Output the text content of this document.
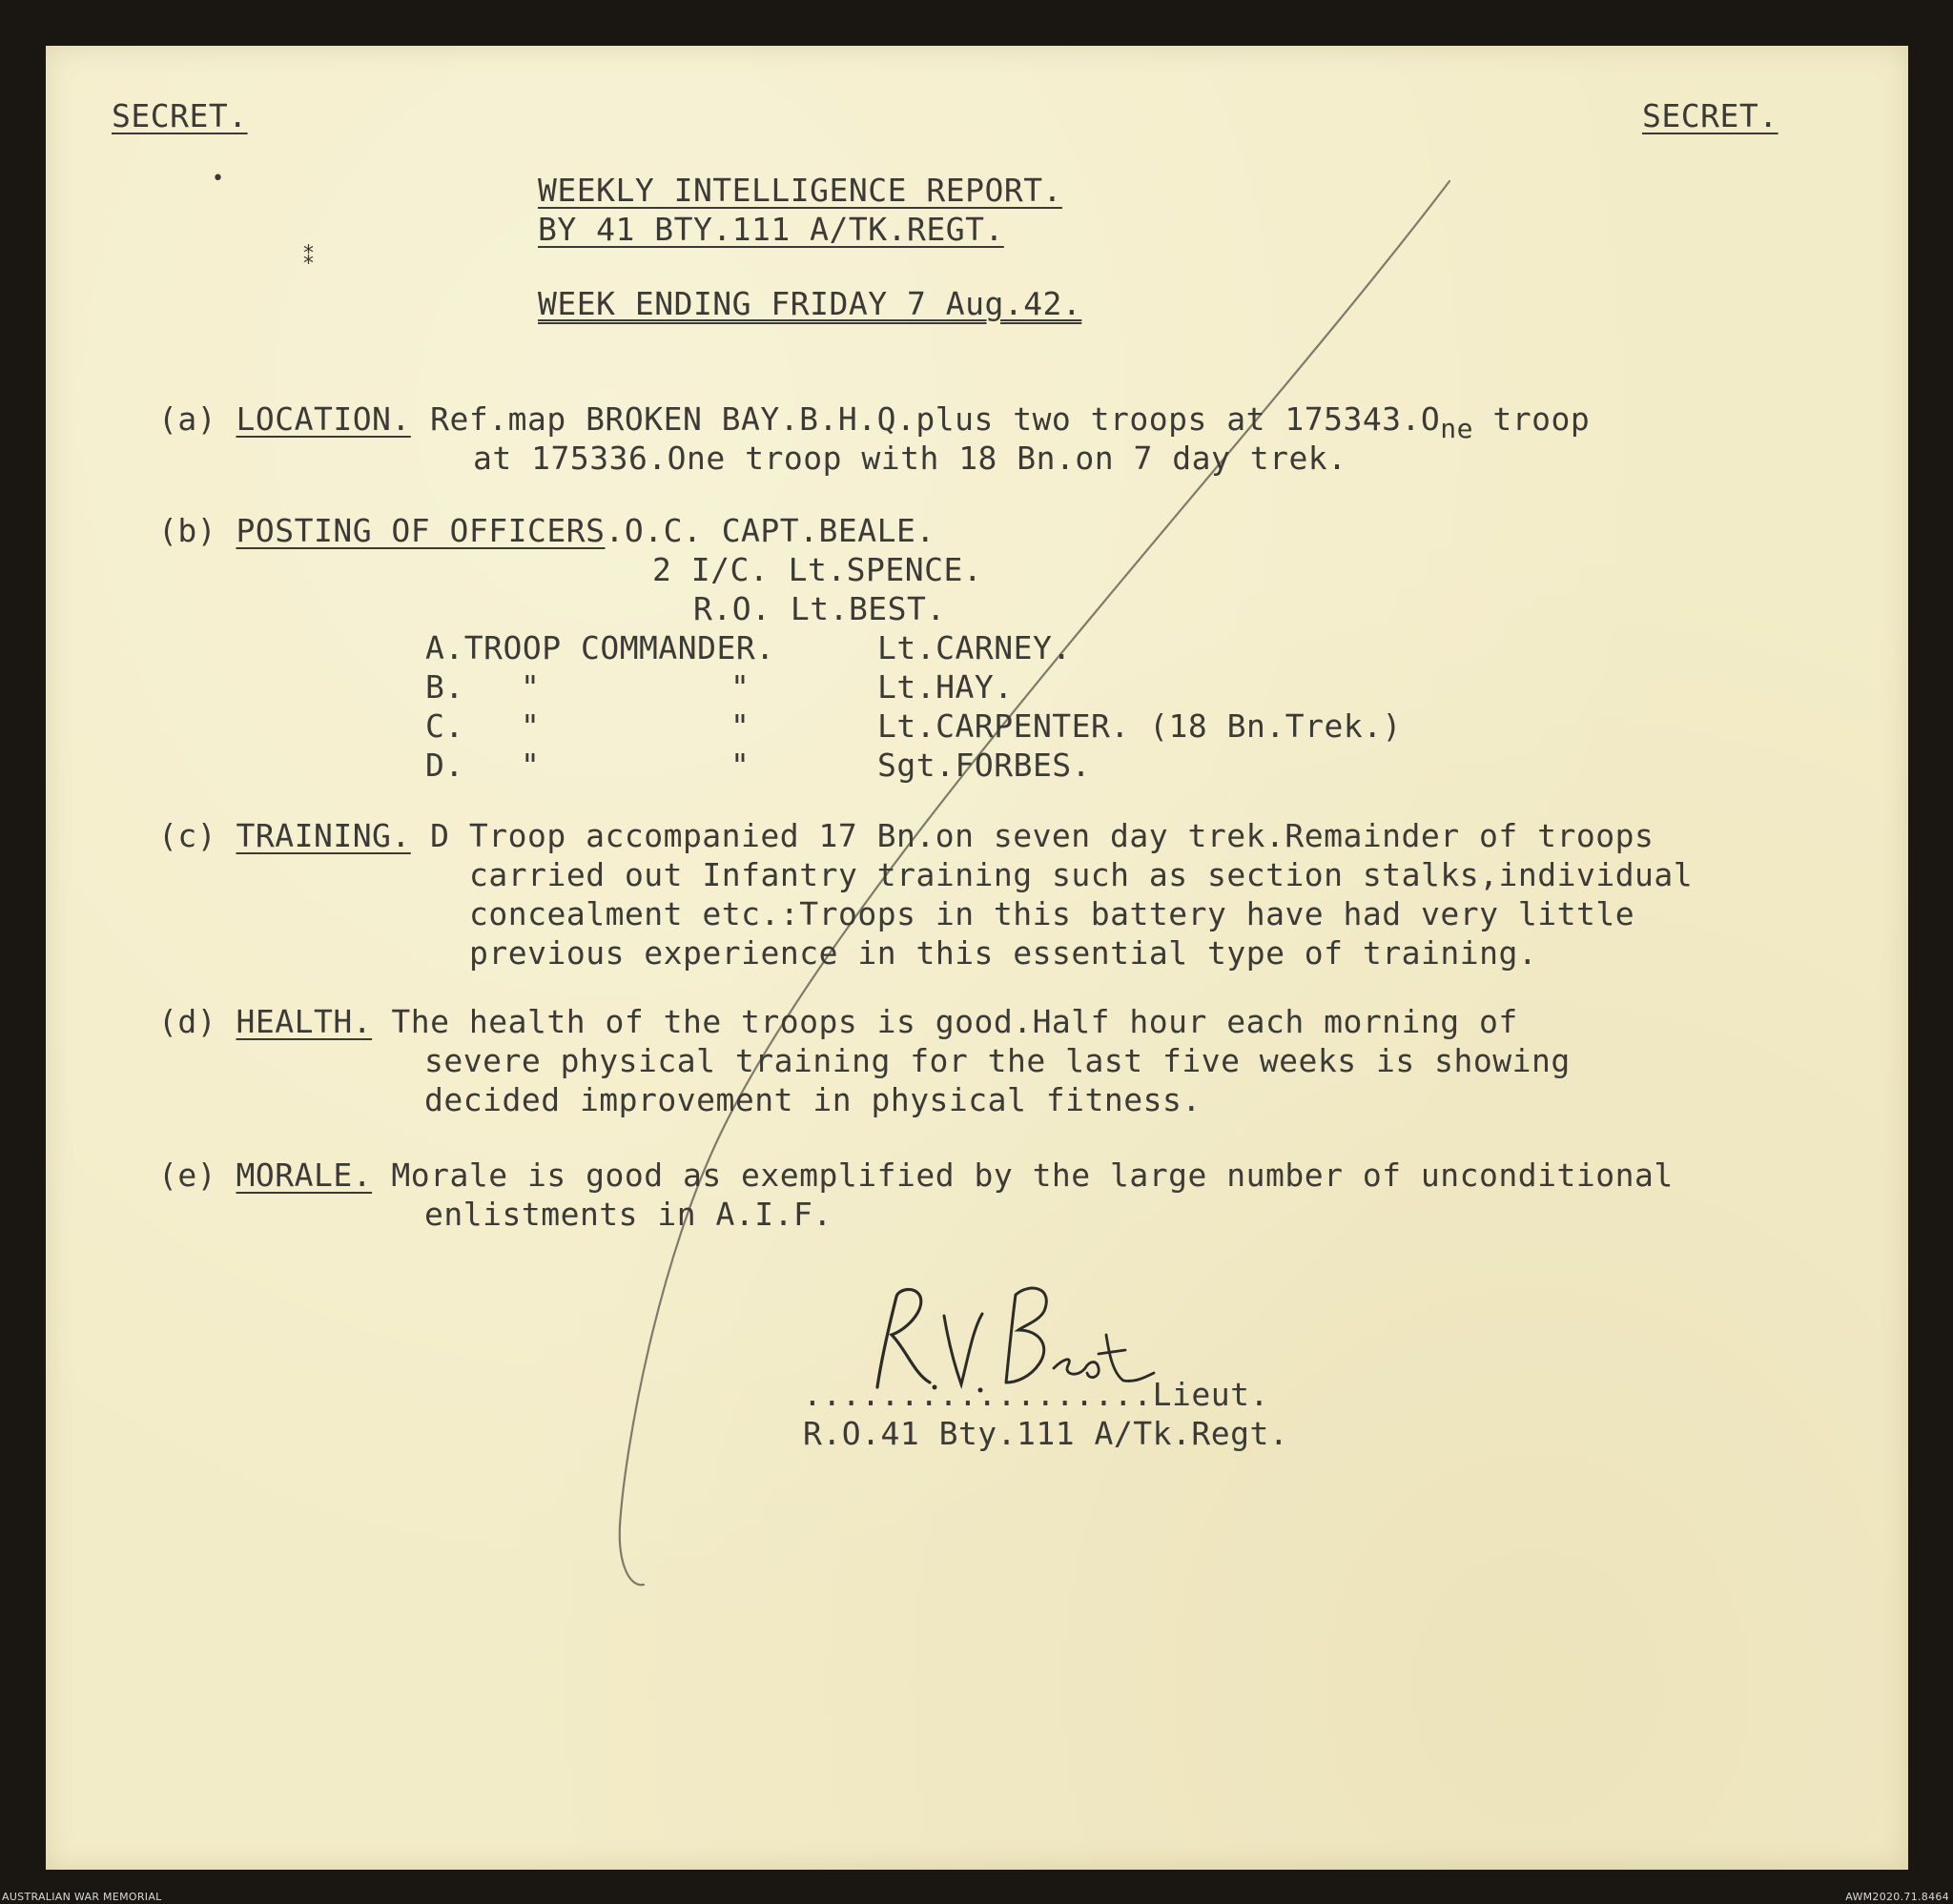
•
⁑
SECRET.	SECRET.
WEEKLY INTELLIGENCE REPORT.
BY 41 BTY.111 A/TK.REGT.
WEEK ENDING FRIDAY 7 Aug.42.
(a) LOCATION. Ref.map BROKEN BAY.B.H.Q.plus two troops at $175343.O_{ne}$ troop
at 175336.One troop with 18 Bn.on 7 day trek.
(b) POSTING OF OFFICERS.O.C. CAPT.BEALE.
2 I/C. Lt.SPENCE.
R.O. Lt.BEST.
A.TROOP COMMANDER.	Lt.CARNEY.
B. "	"	Lt.HAY.
C. "	"	Lt.CARPENTER. (18 Bn.Trek.)
D. "	"	Sgt.FORBES.
(c) TRAINING. D Troop accompanied 17 Bn.on seven day trek.Remainder of troops
carried out Infantry training such as section stalks,individual
concealment etc.:Troops in this battery have had very little
previous experience in this essential type of training.
(d) HEALTH. The health of the troops is good.Half hour each morning of
severe physical training for the last five weeks is showing
decided improvement in physical fitness.
(e) MORALE. Morale is good as exemplified by the large number of unconditional
enlistments in A.I.F.
..................Lieut.
R.O.41 Bty.111 A/Tk.Regt.
AUSTRALIAN WAR MEMORIAL	AWM2020.71.8464
